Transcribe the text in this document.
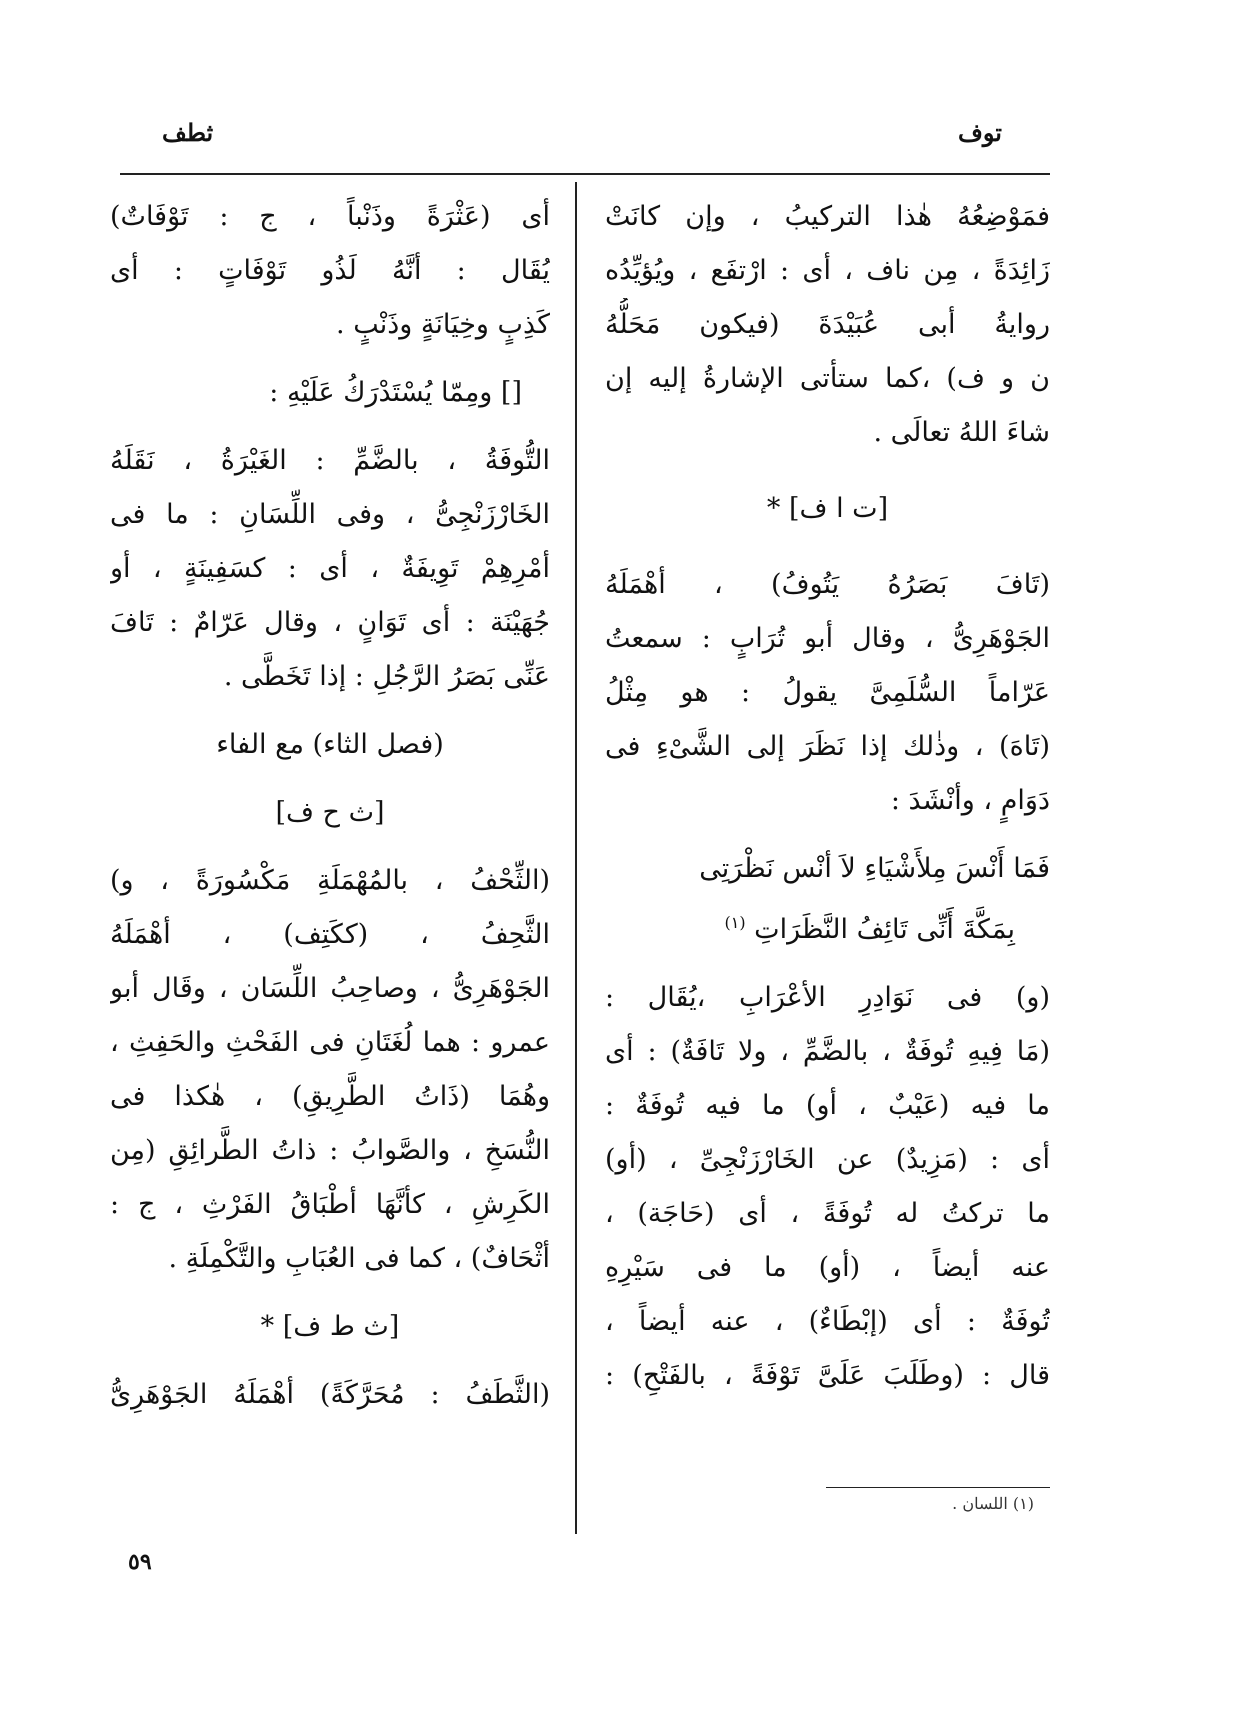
توف
ثطف
فمَوْضِعُهُ هٰذا التركيبُ ، وإن كانَتْ
زَائِدَةً ، مِن ناف ، أى : ارْتفَع ، ويُؤيِّدُه
روايةُ أبى عُبَيْدَةَ (فيكون مَحَلُّهُ
ن و ف) ،كما ستأتى الإشارةُ إليه إن
شاءَ اللهُ تعالَى .
[ت ا ف] *
(تَافَ بَصَرُهُ يَتُوفُ) ، أهْمَلَهُ
الجَوْهَرِىُّ ، وقال أبو تُرَابٍ : سمعتُ
عَرّاماً السُّلَمِىَّ يقولُ : هو مِثْلُ
(تَاهَ) ، وذٰلك إذا نَظَرَ إلى الشَّىْءِ فى
دَوَامٍ ، وأنْشَدَ :
فَمَا أَنْسَ مِلأَشْيَاءِ لاَ أنْس نَظْرَتِى
بِمَكَّةَ أَنِّى تَائِفُ النَّظَرَاتِ $^{(١)}$
(و) فى نَوَادِرِ الأعْرَابِ ،يُقَال :
(مَا فِيهِ تُوفَةٌ ، بالضَّمِّ ، ولا تَافَةٌ) : أى
ما فيه (عَيْبٌ ، أو) ما فيه تُوفَةٌ :
أى : (مَزِيدٌ) عن الخَارْزَنْجِىِّ ، (أو)
ما تركتُ له تُوفَةً ، أى (حَاجَة) ،
عنه أيضاً ، (أو) ما فى سَيْرِهِ
تُوفَةٌ : أى (إبْطَاءٌ) ، عنه أيضاً ،
قال : (وطَلَبَ عَلَىَّ تَوْفَةً ، بالفَتْحِ) :
أى (عَثْرَةً وذَنْباً ، ج : تَوْفَاتٌ)
يُقَال : أنَّهُ لَذُو تَوْفَاتٍ : أى
كَذِبٍ وخِيَانَةٍ وذَنْبٍ .
[] ومِمّا يُسْتَدْرَكُ عَلَيْهِ :
التُّوفَةُ ، بالضَّمِّ : الغَيْرَةُ ، نَقَلَهُ
الخَارْزَنْجِىُّ ، وفى اللِّسَانِ : ما فى
أمْرِهِمْ تَوِيفَةٌ ، أى : كسَفِينَةٍ ، أو
جُهَيْنَة : أى تَوَانٍ ، وقال عَرّامٌ : تَافَ
عَنِّى بَصَرُ الرَّجُلِ : إذا تَخَطَّى .
(فصل الثاء) مع الفاء
[ث ح ف]
(الثِّحْفُ ، بالمُهْمَلَةِ مَكْسُورَةً ، و)
الثَّحِفُ ، (ككَتِف) ، أهْمَلَهُ
الجَوْهَرِىُّ ، وصاحِبُ اللِّسَان ، وقَال أبو
عمرو : هما لُغَتَانِ فى الفَحْثِ والحَفِثِ ،
وهُمَا (ذَاتُ الطَّرِيقِ) ، هٰكذا فى
النُّسَخِ ، والصَّوابُ : ذاتُ الطَّرائِقِ (مِن
الكَرِشِ ، كأنَّهَا أطْبَاقُ الفَرْثِ ، ج :
أثْحَافٌ) ، كما فى العُبَابِ والتَّكْمِلَةِ .
[ث ط ف] *
(الثَّطَفُ : مُحَرَّكَةً) أهْمَلَهُ الجَوْهَرِىُّ
(١) اللسان .
٥٩
